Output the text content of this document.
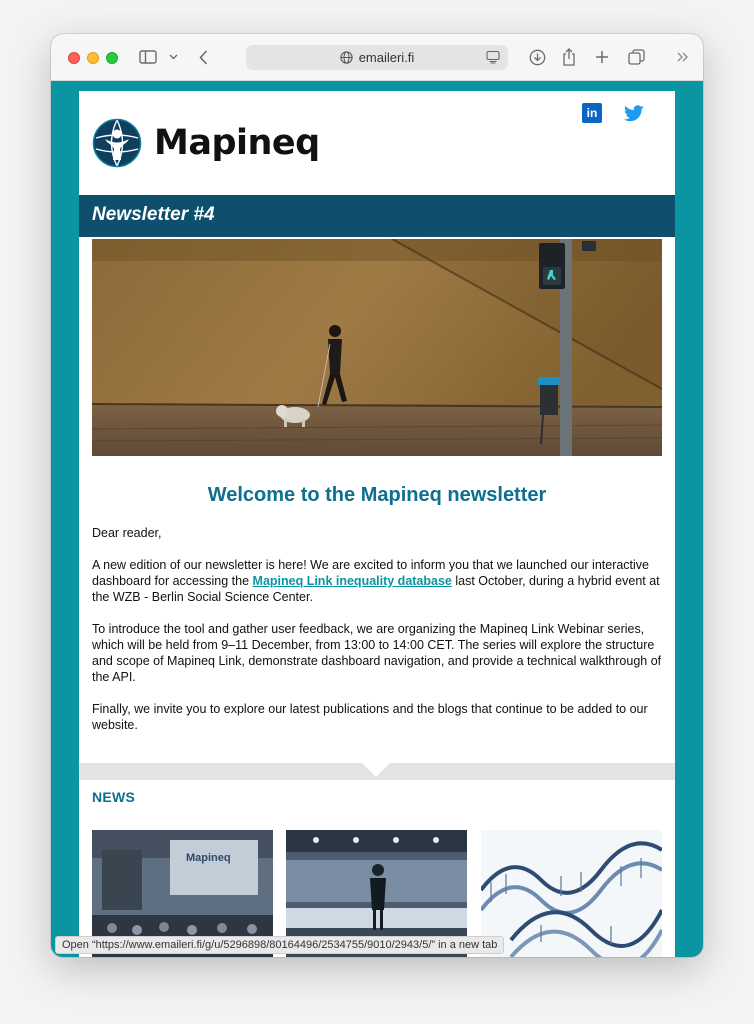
emaileri.fi
Mapineq
in
Newsletter #4
Welcome to the Mapineq newsletter

Dear reader,

A new edition of our newsletter is here! We are excited to inform you that we launched our interactive dashboard for accessing the Mapineq Link inequality database last October, during a hybrid event at the WZB - Berlin Social Science Center.

To introduce the tool and gather user feedback, we are organizing the Mapineq Link Webinar series, which will be held from 9–11 December, from 13:00 to 14:00 CET. The series will explore the structure and scope of Mapineq Link, demonstrate dashboard navigation, and provide a technical walkthrough of the API.

Finally, we invite you to explore our latest publications and the blogs that continue to be added to our website.

NEWS
Mapineq
Open “https://www.emaileri.fi/g/u/5296898/80164496/2534755/9010/2943/5/” in a new tab
